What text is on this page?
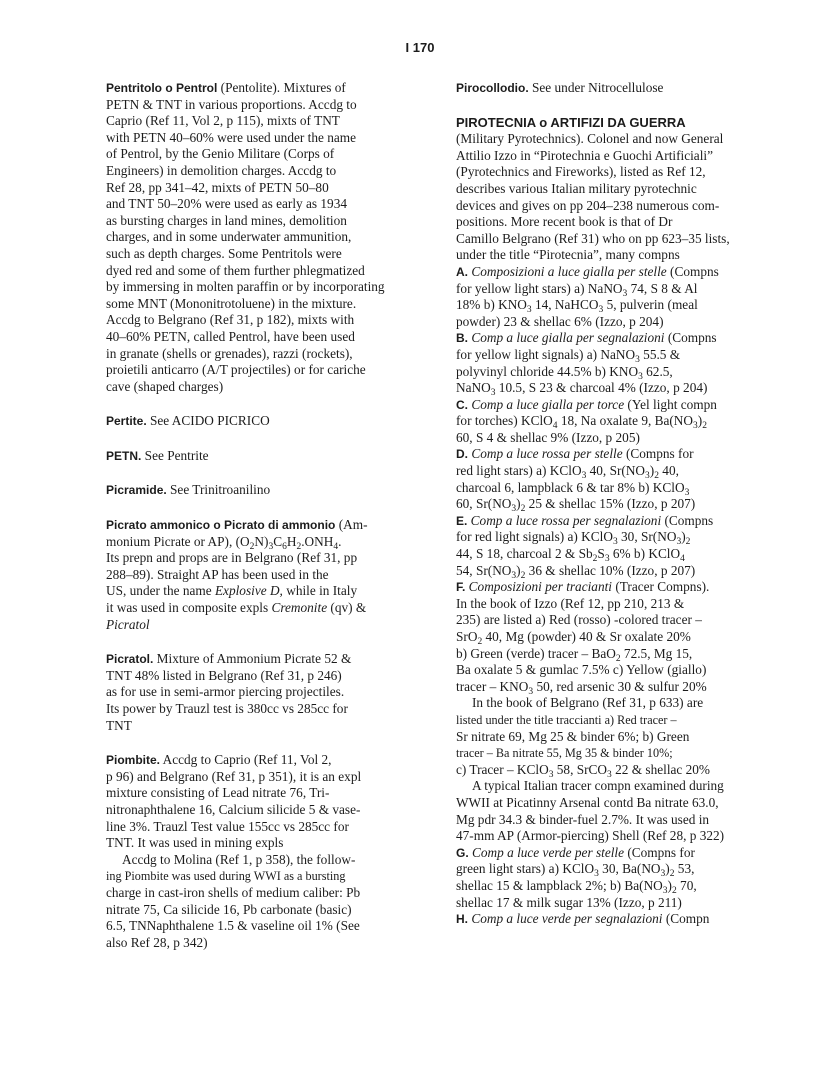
I 170
Pentritolo o Pentrol (Pentolite). Mixtures of
PETN & TNT in various proportions. Accdg to
Caprio (Ref 11, Vol 2, p 115), mixts of TNT
with PETN 40–60% were used under the name
of Pentrol, by the Genio Militare (Corps of
Engineers) in demolition charges. Accdg to
Ref 28, pp 341–42, mixts of PETN 50–80
and TNT 50–20% were used as early as 1934
as bursting charges in land mines, demolition
charges, and in some underwater ammunition,
such as depth charges. Some Pentritols were
dyed red and some of them further phlegmatized
by immersing in molten paraffin or by incorporating
some MNT (Mononitrotoluene) in the mixture.
Accdg to Belgrano (Ref 31, p 182), mixts with
40–60% PETN, called Pentrol, have been used
in granate (shells or grenades), razzi (rockets),
proietili anticarro (A/T projectiles) or for cariche
cave (shaped charges)
Pertite. See ACIDO PICRICO
PETN. See Pentrite
Picramide. See Trinitroanilino
Picrato ammonico o Picrato di ammonio (Am-
monium Picrate or AP), $(O_2N)_3C_6H_2.ONH_4$.
Its prepn and props are in Belgrano (Ref 31, pp
288–89). Straight AP has been used in the
US, under the name Explosive D, while in Italy
it was used in composite expls Cremonite (qv) &
Picratol
Picratol. Mixture of Ammonium Picrate 52 &
TNT 48% listed in Belgrano (Ref 31, p 246)
as for use in semi-armor piercing projectiles.
Its power by Trauzl test is 380cc vs 285cc for
TNT
Piombite. Accdg to Caprio (Ref 11, Vol 2,
p 96) and Belgrano (Ref 31, p 351), it is an expl
mixture consisting of Lead nitrate 76, Tri-
nitronaphthalene 16, Calcium silicide 5 & vase-
line 3%. Trauzl Test value 155cc vs 285cc for
TNT. It was used in mining expls
Accdg to Molina (Ref 1, p 358), the follow-
ing Piombite was used during WWI as a bursting
charge in cast-iron shells of medium caliber: Pb
nitrate 75, Ca silicide 16, Pb carbonate (basic)
6.5, TNNaphthalene 1.5 & vaseline oil 1% (See
also Ref 28, p 342)
Pirocollodio. See under Nitrocellulose
PIROTECNIA o ARTIFIZI DA GUERRA
(Military Pyrotechnics). Colonel and now General
Attilio Izzo in “Pirotechnia e Guochi Artificiali”
(Pyrotechnics and Fireworks), listed as Ref 12,
describes various Italian military pyrotechnic
devices and gives on pp 204–238 numerous com-
positions. More recent book is that of Dr
Camillo Belgrano (Ref 31) who on pp 623–35 lists,
under the title “Pirotecnia”, many compns
A. Composizioni a luce gialla per stelle (Compns
for yellow light stars) a) NaNO$_3$ 74, S 8 & Al
18% b) $KNO_3$ 14, NaHCO$_3$ 5, pulverin (meal
powder) 23 & shellac 6% (Izzo, p 204)
B. Comp a luce gialla per segnalazioni (Compns
for yellow light signals) a) NaNO$_3$ 55.5 &
polyvinyl chloride 44.5% b) $KNO_3$ 62.5,
NaNO$_3$ 10.5, S 23 & charcoal 4% (Izzo, p 204)
C. Comp a luce gialla per torce (Yel light compn
for torches) KClO$_4$ 18, Na oxalate 9, $Ba(NO_3)_2$
60, S 4 & shellac 9% (Izzo, p 205)
D. Comp a luce rossa per stelle (Compns for
red light stars) a) KClO$_3$ 40, $Sr(NO_3)_2$ 40,
charcoal 6, lampblack 6 & tar 8% b) KClO$_3$
60, $Sr(NO_3)_2$ 25 & shellac 15% (Izzo, p 207)
E. Comp a luce rossa per segnalazioni (Compns
for red light signals) a) KClO$_3$ 30, $Sr(NO_3)_2$
44, S 18, charcoal 2 & $Sb_2S_3$ 6% b) KClO$_4$
54, $Sr(NO_3)_2$ 36 & shellac 10% (Izzo, p 207)
F. Composizioni per tracianti (Tracer Compns).
In the book of Izzo (Ref 12, pp 210, 213 &
235) are listed a) Red (rosso) -colored tracer –
SrO$_2$ 40, Mg (powder) 40 & Sr oxalate 20%
b) Green (verde) tracer – BaO$_2$ 72.5, Mg 15,
Ba oxalate 5 & gumlac 7.5% c) Yellow (giallo)
tracer – $KNO_3$ 50, red arsenic 30 & sulfur 20%
In the book of Belgrano (Ref 31, p 633) are
listed under the title traccianti a) Red tracer –
Sr nitrate 69, Mg 25 & binder 6%; b) Green
tracer – Ba nitrate 55, Mg 35 & binder 10%;
c) Tracer – KClO$_3$ 58, SrCO$_3$ 22 & shellac 20%
A typical Italian tracer compn examined during
WWII at Picatinny Arsenal contd Ba nitrate 63.0,
Mg pdr 34.3 & binder-fuel 2.7%. It was used in
47-mm AP (Armor-piercing) Shell (Ref 28, p 322)
G. Comp a luce verde per stelle (Compns for
green light stars) a) KClO$_3$ 30, $Ba(NO_3)_2$ 53,
shellac 15 & lampblack 2%; b) $Ba(NO_3)_2$ 70,
shellac 17 & milk sugar 13% (Izzo, p 211)
H. Comp a luce verde per segnalazioni (Compn
